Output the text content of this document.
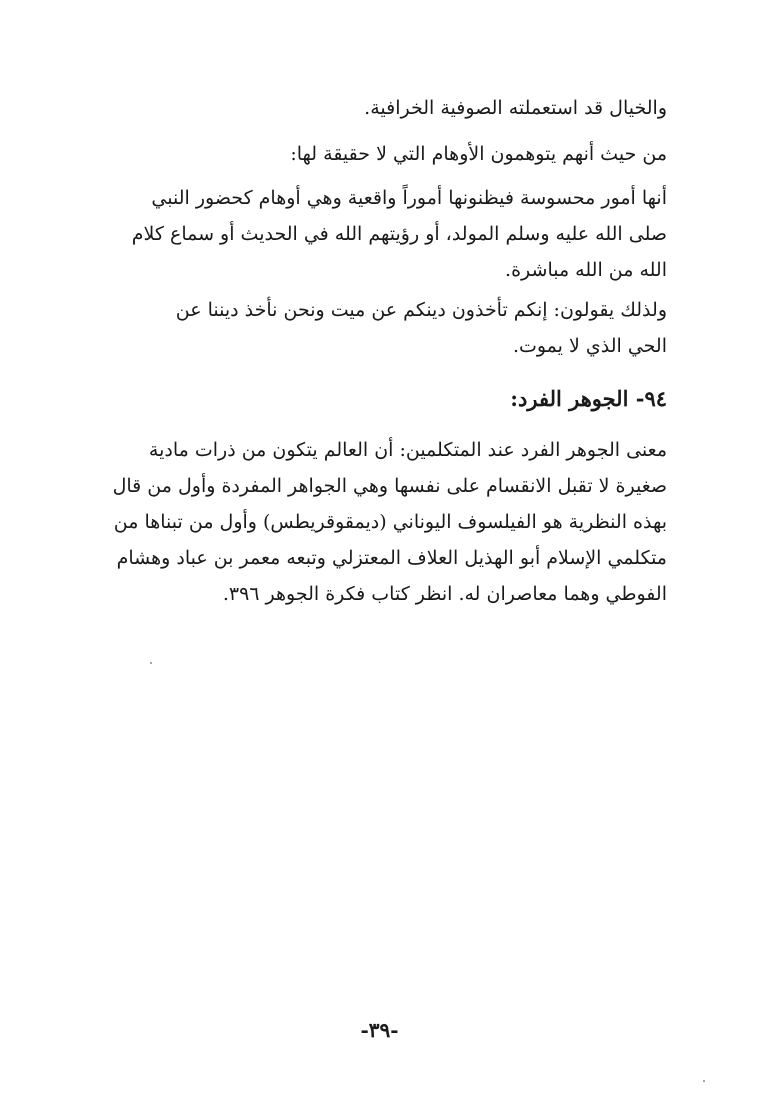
والخيال قد استعملته الصوفية الخرافية.
من حيث أنهم يتوهمون الأوهام التي لا حقيقة لها:
أنها أمور محسوسة فيظنونها أموراً واقعية وهي أوهام كحضور النبي
صلى الله عليه وسلم المولد، أو رؤيتهم الله في الحديث أو سماع كلام
الله من الله مباشرة.
ولذلك يقولون: إنكم تأخذون دينكم عن ميت ونحن نأخذ ديننا عن
الحي الذي لا يموت.
٩٤- الجوهر الفرد:
معنى الجوهر الفرد عند المتكلمين: أن العالم يتكون من ذرات مادية
صغيرة لا تقبل الانقسام على نفسها وهي الجواهر المفردة وأول من قال
بهذه النظرية هو الفيلسوف اليوناني (ديمقوقريطس) وأول من تبناها من
متكلمي الإسلام أبو الهذيل العلاف المعتزلي وتبعه معمر بن عباد وهشام
الفوطي وهما معاصران له. انظر كتاب فكرة الجوهر ٣٩٦.
-٣٩-
